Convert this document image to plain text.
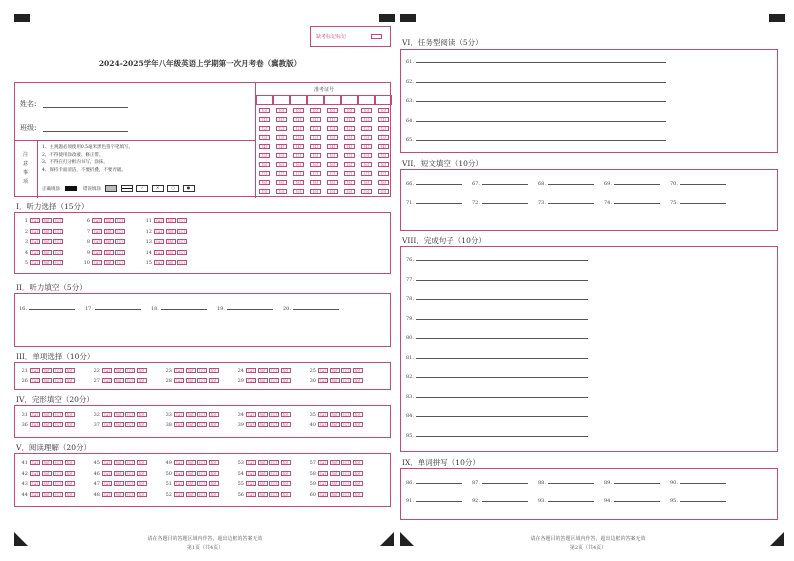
缺考标记标记
2024-2025学年八年级英语上学期第一次月考卷（冀教版）
姓名:
班级:
注
意
事
项
1、主观题必须使用0.5毫米黑色签字笔填写。
2、不得使用涂改液、修正带。
3、不得在打分框内书写、涂抹。
4、保持卡面清洁，不要折叠，不要弄破。
正确填涂	错误填涂	✓	✕	○	●
准考证号
[0]
[1]
[2]
[3]
[4]
[5]
[6]
[7]
[8]
[9]
[0]
[1]
[2]
[3]
[4]
[5]
[6]
[7]
[8]
[9]
[0]
[1]
[2]
[3]
[4]
[5]
[6]
[7]
[8]
[9]
[0]
[1]
[2]
[3]
[4]
[5]
[6]
[7]
[8]
[9]
[0]
[1]
[2]
[3]
[4]
[5]
[6]
[7]
[8]
[9]
[0]
[1]
[2]
[3]
[4]
[5]
[6]
[7]
[8]
[9]
[0]
[1]
[2]
[3]
[4]
[5]
[6]
[7]
[8]
[9]
[0]
[1]
[2]
[3]
[4]
[5]
[6]
[7]
[8]
[9]
I．听力选择（15分）
1 [A] [B] [C]
2 [A] [B] [C]
3 [A] [B] [C]
4 [A] [B] [C]
5 [A] [B] [C]
6 [A] [B] [C]
7 [A] [B] [C]
8 [A] [B] [C]
9 [A] [B] [C]
10 [A] [B] [C]
11 [A] [B] [C]
12 [A] [B] [C]
13 [A] [B] [C]
14 [A] [B] [C]
15 [A] [B] [C]
II．听力填空（5分）
16.	17.	18.	19.	20.
III．单项选择（10分）
21 [A] [B] [C] [D]	22 [A] [B] [C] [D]	23 [A] [B] [C] [D]	24 [A] [B] [C] [D]	25 [A] [B] [C] [D]
26 [A] [B] [C] [D]	27 [A] [B] [C] [D]	28 [A] [B] [C] [D]	29 [A] [B] [C] [D]	30 [A] [B] [C] [D]
IV．完形填空（20分）
31 [A] [B] [C] [D]	32 [A] [B] [C] [D]	33 [A] [B] [C] [D]	34 [A] [B] [C] [D]	35 [A] [B] [C] [D]
36 [A] [B] [C] [D]	37 [A] [B] [C] [D]	38 [A] [B] [C] [D]	39 [A] [B] [C] [D]	40 [A] [B] [C] [D]
V．阅读理解（20分）
41 [A] [B] [C] [D]
42 [A] [B] [C] [D]
43 [A] [B] [C] [D]
44 [A] [B] [C] [D]
45 [A] [B] [C] [D]
46 [A] [B] [C] [D]
47 [A] [B] [C] [D]
48 [A] [B] [C] [D]
49 [A] [B] [C] [D]
50 [A] [B] [C] [D]
51 [A] [B] [C] [D]
52 [A] [B] [C] [D]
53 [A] [B] [C] [D]
54 [A] [B] [C] [D]
55 [A] [B] [C] [D]
56 [A] [B] [C] [D]
57 [A] [B] [C] [D]
58 [A] [B] [C] [D]
59 [A] [B] [C] [D]
60 [A] [B] [C] [D]
VI．任务型阅读（5分）
61.
62.
63.
64.
65.
VII．短文填空（10分）
66.	67.	68.	69.	70.
71.	72.	73.	74.	75.
VIII．完成句子（10分）
76.
77.
78.
79.
80.
81.
82.
83.
84.
85.
IX．单词拼写（10分）
86.	87.	88.	89.	90.
91.	92.	93.	94.	95.
请在各题目的答题区域内作答，超出边框的答案无效
第1页（共4页）
请在各题目的答题区域内作答，超出边框的答案无效
第2页（共4页）
